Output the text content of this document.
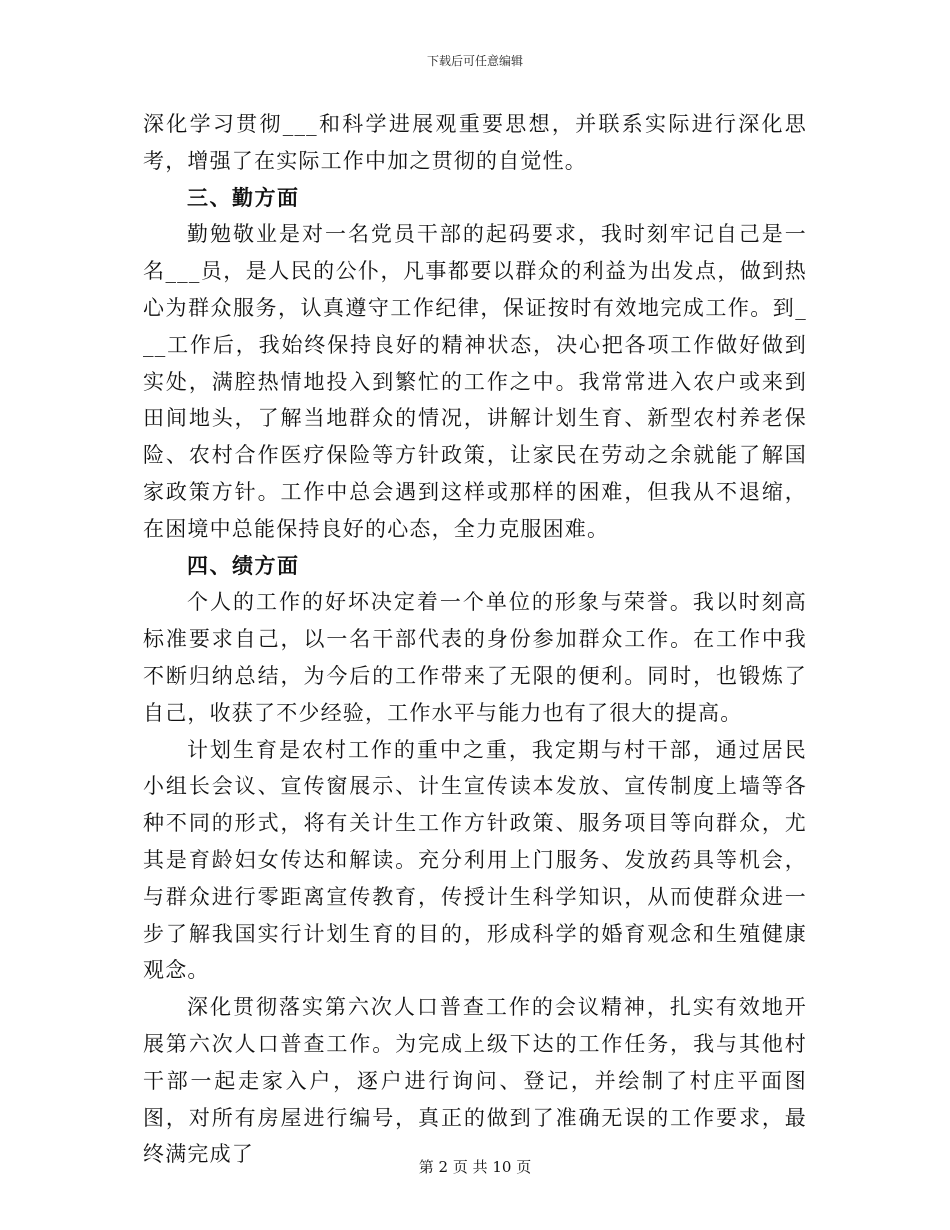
下载后可任意编辑

深化学习贯彻___和科学进展观重要思想，并联系实际进行深化思考，增强了在实际工作中加之贯彻的自觉性。

三、勤方面

勤勉敬业是对一名党员干部的起码要求，我时刻牢记自己是一名___员，是人民的公仆，凡事都要以群众的利益为出发点，做到热心为群众服务，认真遵守工作纪律，保证按时有效地完成工作。到___工作后，我始终保持良好的精神状态，决心把各项工作做好做到实处，满腔热情地投入到繁忙的工作之中。我常常进入农户或来到田间地头，了解当地群众的情况，讲解计划生育、新型农村养老保险、农村合作医疗保险等方针政策，让家民在劳动之余就能了解国家政策方针。工作中总会遇到这样或那样的困难，但我从不退缩，在困境中总能保持良好的心态，全力克服困难。

四、绩方面

个人的工作的好坏决定着一个单位的形象与荣誉。我以时刻高标准要求自己，以一名干部代表的身份参加群众工作。在工作中我不断归纳总结，为今后的工作带来了无限的便利。同时，也锻炼了自己，收获了不少经验，工作水平与能力也有了很大的提高。

计划生育是农村工作的重中之重，我定期与村干部，通过居民小组长会议、宣传窗展示、计生宣传读本发放、宣传制度上墙等各种不同的形式，将有关计生工作方针政策、服务项目等向群众，尤其是育龄妇女传达和解读。充分利用上门服务、发放药具等机会，与群众进行零距离宣传教育，传授计生科学知识，从而使群众进一步了解我国实行计划生育的目的，形成科学的婚育观念和生殖健康观念。

深化贯彻落实第六次人口普查工作的会议精神，扎实有效地开展第六次人口普查工作。为完成上级下达的工作任务，我与其他村干部一起走家入户，逐户进行询问、登记，并绘制了村庄平面图图，对所有房屋进行编号，真正的做到了准确无误的工作要求，最终满完成了

第 2 页 共 10 页
